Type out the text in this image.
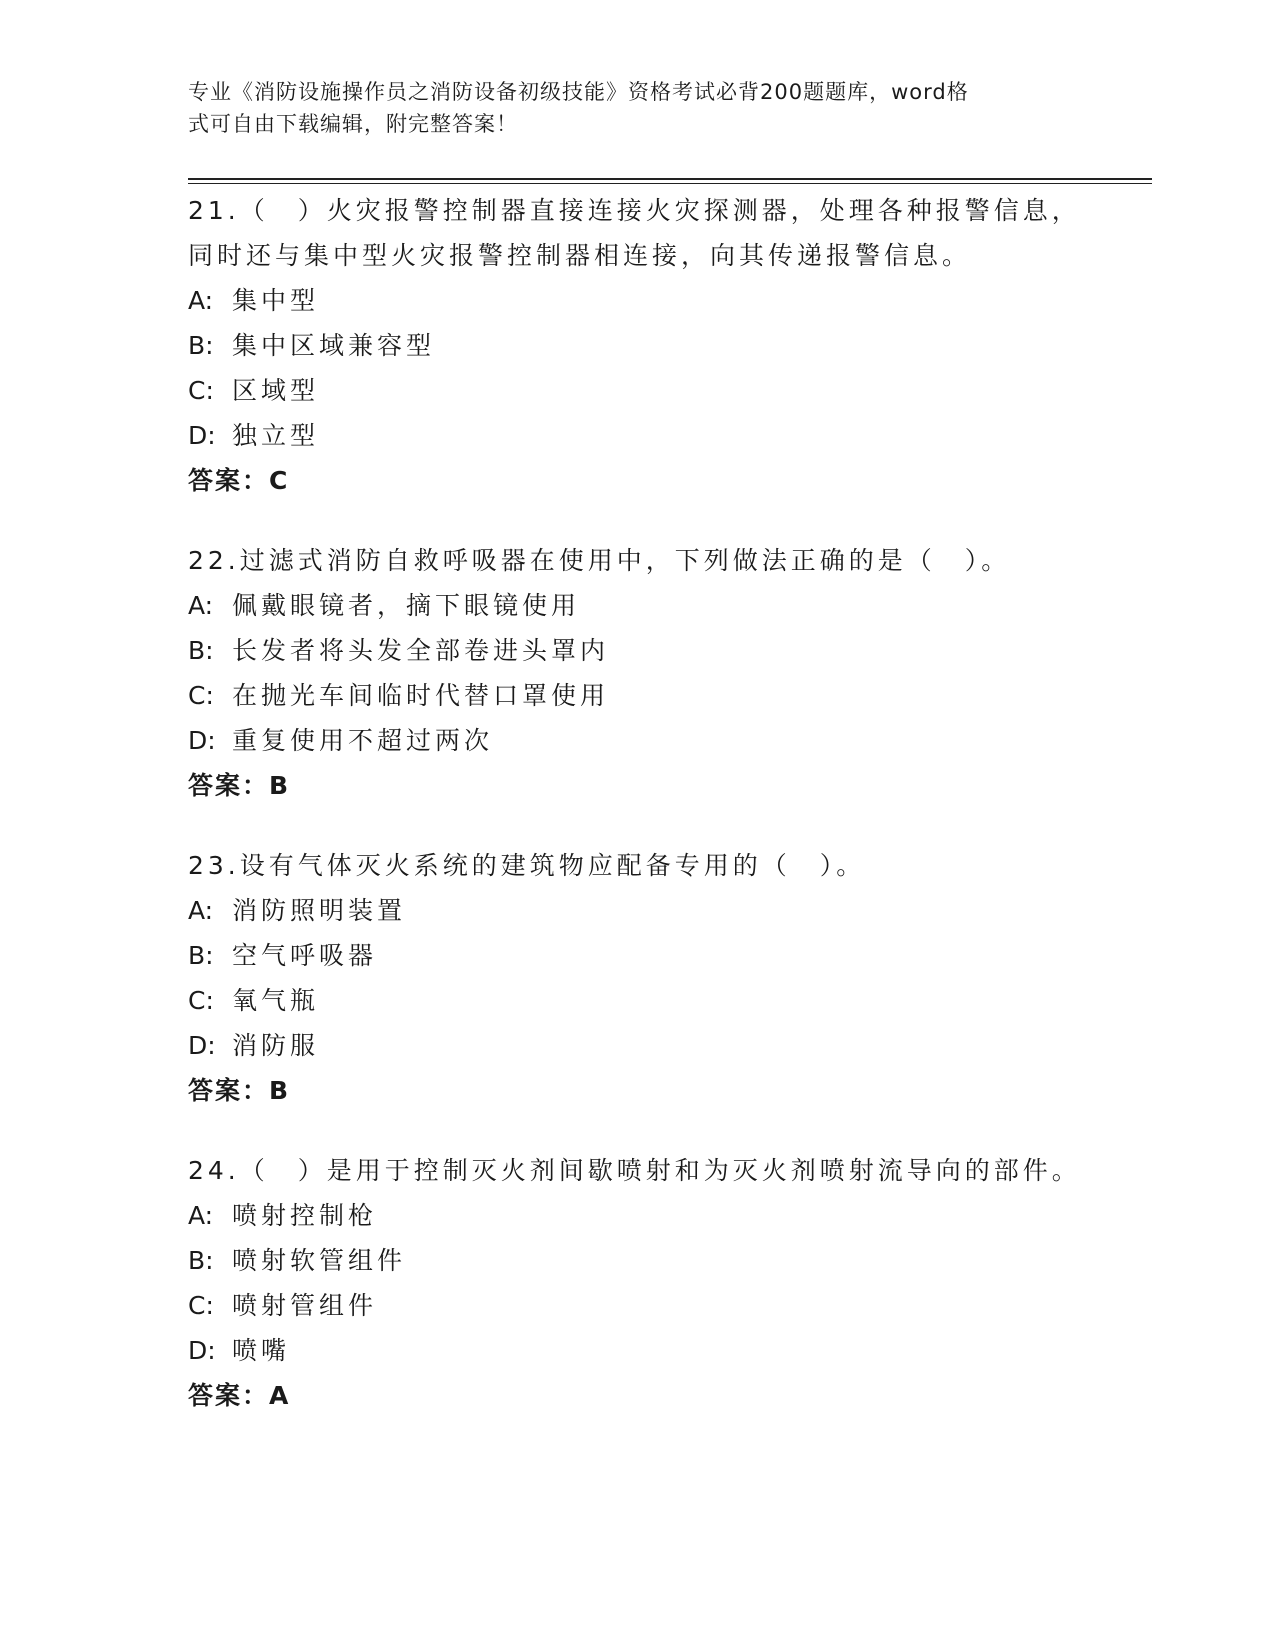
专业《消防设施操作员之消防设备初级技能》资格考试必背200题题库，word格
式可自由下载编辑，附完整答案！

21.（　）火灾报警控制器直接连接火灾探测器，处理各种报警信息，

同时还与集中型火灾报警控制器相连接，向其传递报警信息。

A: 集中型

B: 集中区域兼容型

C: 区域型

D: 独立型

答案：C

22.过滤式消防自救呼吸器在使用中，下列做法正确的是（　）。

A: 佩戴眼镜者，摘下眼镜使用

B: 长发者将头发全部卷进头罩内

C: 在抛光车间临时代替口罩使用

D: 重复使用不超过两次

答案：B

23.设有气体灭火系统的建筑物应配备专用的（　）。

A: 消防照明装置

B: 空气呼吸器

C: 氧气瓶

D: 消防服

答案：B

24.（　）是用于控制灭火剂间歇喷射和为灭火剂喷射流导向的部件。

A: 喷射控制枪

B: 喷射软管组件

C: 喷射管组件

D: 喷嘴

答案：A
